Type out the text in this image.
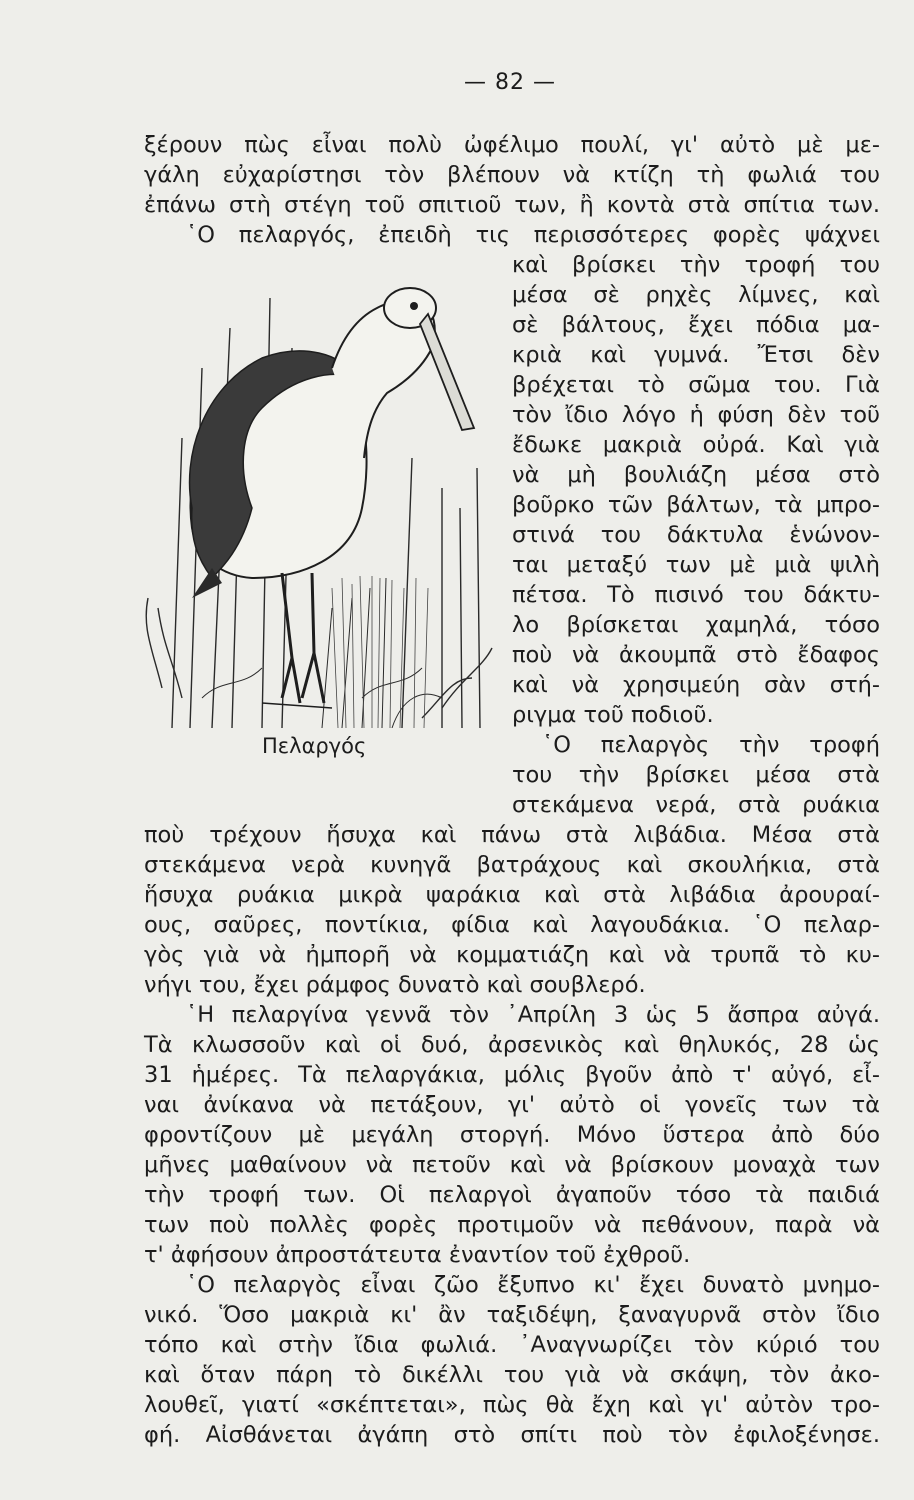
— 82 —
ξέρουν πὼς εἶναι πολὺ ὠφέλιμο πουλί, γι' αὐτὸ μὲ με-
γάλη εὐχαρίστησι τὸν βλέπουν νὰ κτίζη τὴ φωλιά του
ἐπάνω στὴ στέγη τοῦ σπιτιοῦ των, ἢ κοντὰ στὰ σπίτια των.
῾Ο πελαργός, ἐπειδὴ τις περισσότερες φορὲς ψάχνει
καὶ βρίσκει τὴν τροφή του
μέσα σὲ ρηχὲς λίμνες, καὶ
σὲ βάλτους, ἔχει πόδια μα-
κριὰ καὶ γυμνά. Ἔτσι δὲν
βρέχεται τὸ σῶμα του. Γιὰ
τὸν ἴδιο λόγο ἡ φύση δὲν τοῦ
ἔδωκε μακριὰ οὐρά. Καὶ γιὰ
νὰ μὴ βουλιάζη μέσα στὸ
βοῦρκο τῶν βάλτων, τὰ μπρο-
στινά του δάκτυλα ἑνώνον-
ται μεταξύ των μὲ μιὰ ψιλὴ
πέτσα. Τὸ πισινό του δάκτυ-
λο βρίσκεται χαμηλά, τόσο
ποὺ νὰ ἀκουμπᾶ στὸ ἔδαφος
καὶ νὰ χρησιμεύη σὰν στή-
ριγμα τοῦ ποδιοῦ.
῾Ο πελαργὸς τὴν τροφή
του τὴν βρίσκει μέσα στὰ
στεκάμενα νερά, στὰ ρυάκια
Πελαργός
ποὺ τρέχουν ἥσυχα καὶ πάνω στὰ λιβάδια. Μέσα στὰ
στεκάμενα νερὰ κυνηγᾶ βατράχους καὶ σκουλήκια, στὰ
ἥσυχα ρυάκια μικρὰ ψαράκια καὶ στὰ λιβάδια ἀρουραί-
ους, σαῦρες, ποντίκια, φίδια καὶ λαγουδάκια. ῾Ο πελαρ-
γὸς γιὰ νὰ ἠμπορῆ νὰ κομματιάζη καὶ νὰ τρυπᾶ τὸ κυ-
νήγι του, ἔχει ράμφος δυνατὸ καὶ σουβλερό.
῾Η πελαργίνα γεννᾶ τὸν ᾿Απρίλη 3 ὡς 5 ἄσπρα αὐγά.
Τὰ κλωσσοῦν καὶ οἱ δυό, ἀρσενικὸς καὶ θηλυκός, 28 ὡς
31 ἡμέρες. Τὰ πελαργάκια, μόλις βγοῦν ἀπὸ τ' αὐγό, εἶ-
ναι ἀνίκανα νὰ πετάξουν, γι' αὐτὸ οἱ γονεῖς των τὰ
φροντίζουν μὲ μεγάλη στοργή. Μόνο ὕστερα ἀπὸ δύο
μῆνες μαθαίνουν νὰ πετοῦν καὶ νὰ βρίσκουν μοναχὰ των
τὴν τροφή των. Οἱ πελαργοὶ ἀγαποῦν τόσο τὰ παιδιά
των ποὺ πολλὲς φορὲς προτιμοῦν νὰ πεθάνουν, παρὰ νὰ
τ' ἀφήσουν ἀπροστάτευτα ἐναντίον τοῦ ἐχθροῦ.
῾Ο πελαργὸς εἶναι ζῶο ἔξυπνο κι' ἔχει δυνατὸ μνημο-
νικό. Ὅσο μακριὰ κι' ἂν ταξιδέψη, ξαναγυρνᾶ στὸν ἴδιο
τόπο καὶ στὴν ἴδια φωλιά. ᾿Αναγνωρίζει τὸν κύριό του
καὶ ὅταν πάρη τὸ δικέλλι του γιὰ νὰ σκάψη, τὸν ἀκο-
λουθεῖ, γιατί «σκέπτεται», πὼς θὰ ἔχη καὶ γι' αὐτὸν τρο-
φή. Αἰσθάνεται ἀγάπη στὸ σπίτι ποὺ τὸν ἐφιλοξένησε.
